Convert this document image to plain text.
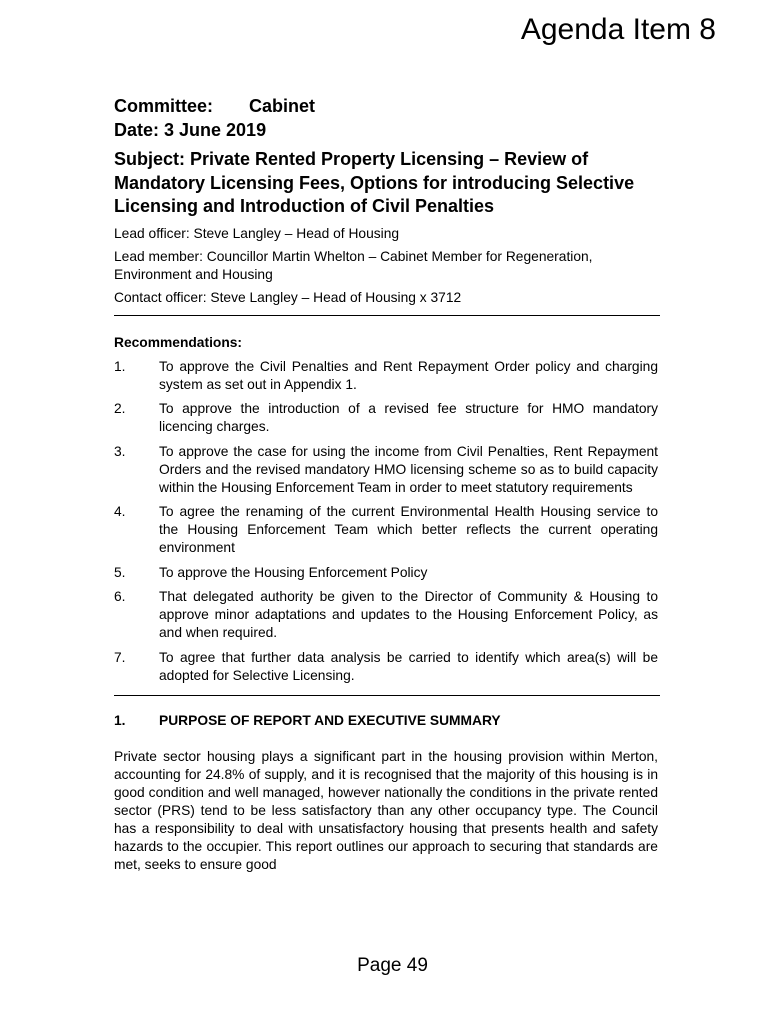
Agenda Item 8
Committee: Cabinet
Date: 3 June 2019
Subject: Private Rented Property Licensing – Review of Mandatory Licensing Fees, Options for introducing Selective Licensing and Introduction of Civil Penalties
Lead officer: Steve Langley – Head of Housing
Lead member: Councillor Martin Whelton – Cabinet Member for Regeneration, Environment and Housing
Contact officer: Steve Langley – Head of Housing x 3712
Recommendations:
1.	To approve the Civil Penalties and Rent Repayment Order policy and charging system as set out in Appendix 1.
2.	To approve the introduction of a revised fee structure for HMO mandatory licencing charges.
3.	To approve the case for using the income from Civil Penalties, Rent Repayment Orders and the revised mandatory HMO licensing scheme so as to build capacity within the Housing Enforcement Team in order to meet statutory requirements
4.	To agree the renaming of the current Environmental Health Housing service to the Housing Enforcement Team which better reflects the current operating environment
5.	To approve the Housing Enforcement Policy
6.	That delegated authority be given to the Director of Community & Housing to approve minor adaptations and updates to the Housing Enforcement Policy, as and when required.
7.	To agree that further data analysis be carried to identify which area(s) will be adopted for Selective Licensing.
1.	PURPOSE OF REPORT AND EXECUTIVE SUMMARY
Private sector housing plays a significant part in the housing provision within Merton, accounting for 24.8% of supply, and it is recognised that the majority of this housing is in good condition and well managed, however nationally the conditions in the private rented sector (PRS) tend to be less satisfactory than any other occupancy type. The Council has a responsibility to deal with unsatisfactory housing that presents health and safety hazards to the occupier. This report outlines our approach to securing that standards are met, seeks to ensure good
Page 49
